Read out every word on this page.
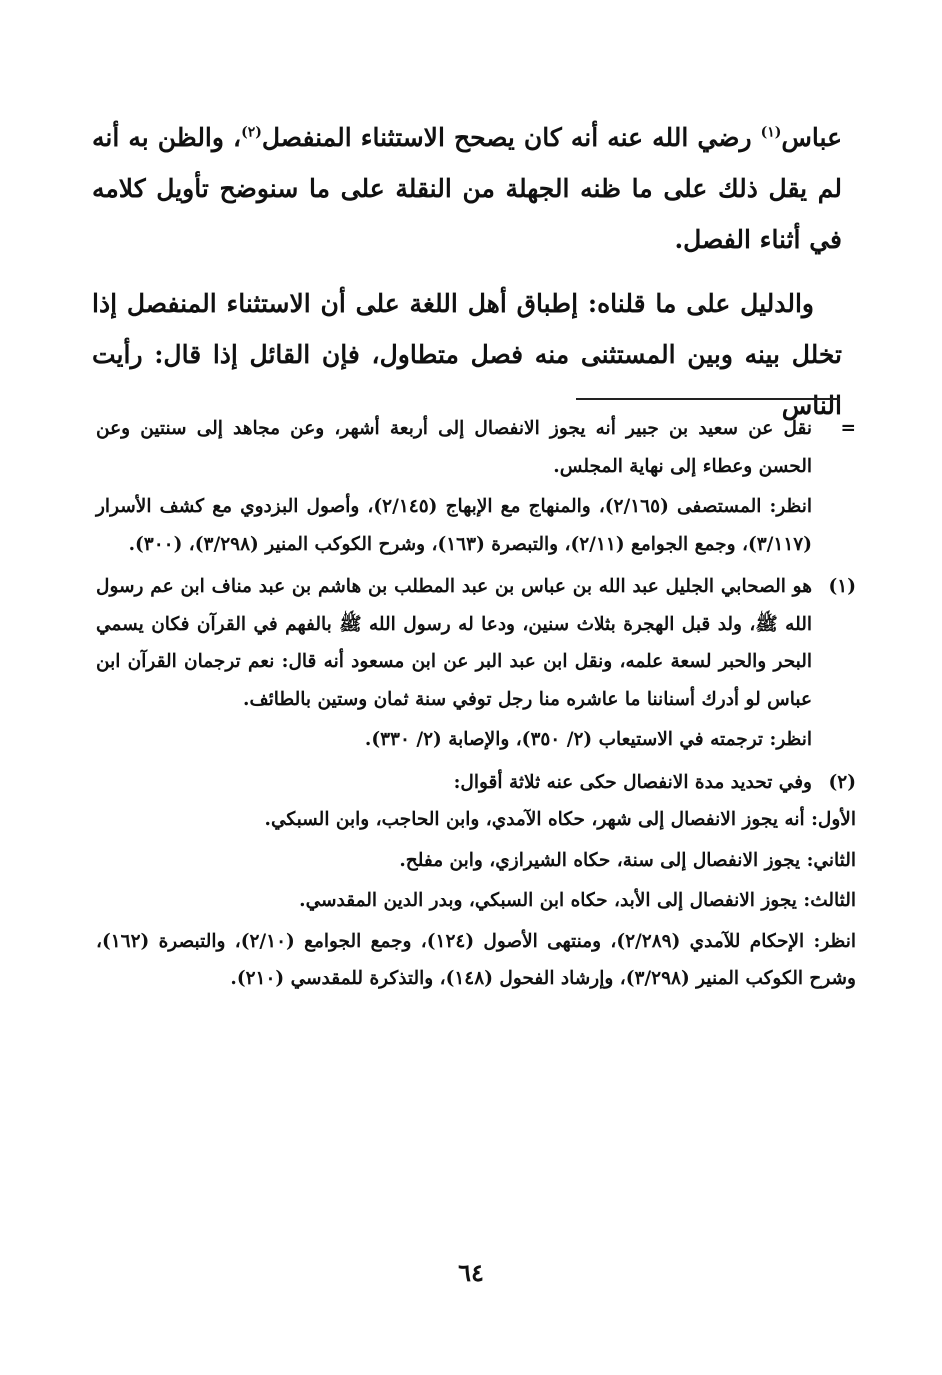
عباس$^{(١)}$ رضي الله عنه أنه كان يصحح الاستثناء المنفصل$^{(٢)}$، والظن به أنه لم يقل ذلك على ما ظنه الجهلة من النقلة على ما سنوضح تأويل كلامه في أثناء الفصل.

والدليل على ما قلناه: إطباق أهل اللغة على أن الاستثناء المنفصل إذا تخلل بينه وبين المستثنى منه فصل متطاول، فإن القائل إذا قال: رأيت الناس

=

نقل عن سعيد بن جبير أنه يجوز الانفصال إلى أربعة أشهر، وعن مجاهد إلى سنتين وعن الحسن وعطاء إلى نهاية المجلس.

انظر: المستصفى (٢/١٦٥)، والمنهاج مع الإبهاج (٢/١٤٥)، وأصول البزدوي مع كشف الأسرار (٣/١١٧)، وجمع الجوامع (٢/١١)، والتبصرة (١٦٣)، وشرح الكوكب المنير (٣/٢٩٨)، (٣٠٠).

(١)

هو الصحابي الجليل عبد الله بن عباس بن عبد المطلب بن هاشم بن عبد مناف ابن عم رسول الله ﷺ، ولد قبل الهجرة بثلاث سنين، ودعا له رسول الله ﷺ بالفهم في القرآن فكان يسمي البحر والحبر لسعة علمه، ونقل ابن عبد البر عن ابن مسعود أنه قال: نعم ترجمان القرآن ابن عباس لو أدرك أسناننا ما عاشره منا رجل توفي سنة ثمان وستين بالطائف.

انظر: ترجمته في الاستيعاب (٢/ ٣٥٠)، والإصابة (٢/ ٣٣٠).

(٢)

وفي تحديد مدة الانفصال حكى عنه ثلاثة أقوال:

الأول: أنه يجوز الانفصال إلى شهر، حكاه الآمدي، وابن الحاجب، وابن السبكي.

الثاني: يجوز الانفصال إلى سنة، حكاه الشيرازي، وابن مفلح.

الثالث: يجوز الانفصال إلى الأبد، حكاه ابن السبكي، وبدر الدين المقدسي.

انظر: الإحكام للآمدي (٢/٢٨٩)، ومنتهى الأصول (١٢٤)، وجمع الجوامع (٢/١٠)، والتبصرة (١٦٢)، وشرح الكوكب المنير (٣/٢٩٨)، وإرشاد الفحول (١٤٨)، والتذكرة للمقدسي (٢١٠).

٦٤
